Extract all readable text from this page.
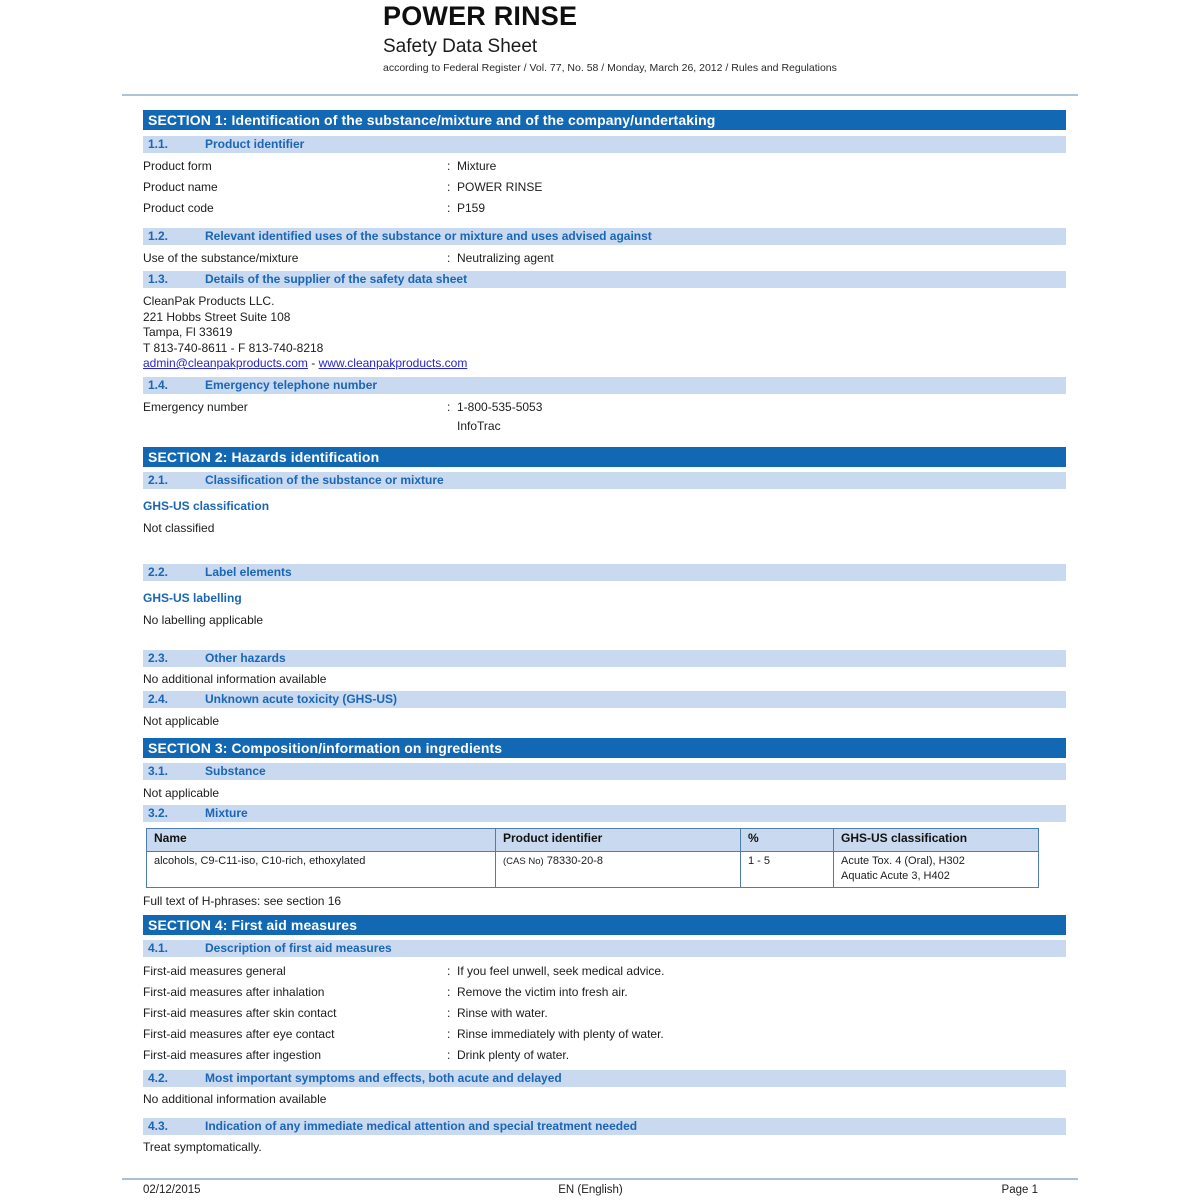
POWER RINSE
Safety Data Sheet
according to Federal Register / Vol. 77, No. 58 / Monday, March 26, 2012 / Rules and Regulations
SECTION 1: Identification of the substance/mixture and of the company/undertaking
1.1.	Product identifier
Product form	: Mixture
Product name	: POWER RINSE
Product code	: P159
1.2.	Relevant identified uses of the substance or mixture and uses advised against
Use of the substance/mixture	: Neutralizing agent
1.3.	Details of the supplier of the safety data sheet
CleanPak Products LLC.
221 Hobbs Street Suite 108
Tampa, Fl 33619
T 813-740-8611 - F 813-740-8218
admin@cleanpakproducts.com - www.cleanpakproducts.com
1.4.	Emergency telephone number
Emergency number	: 1-800-535-5053
InfoTrac
SECTION 2: Hazards identification
2.1.	Classification of the substance or mixture
GHS-US classification
Not classified
2.2.	Label elements
GHS-US labelling
No labelling applicable
2.3.	Other hazards
No additional information available
2.4.	Unknown acute toxicity (GHS-US)
Not applicable
SECTION 3: Composition/information on ingredients
3.1.	Substance
Not applicable
3.2.	Mixture
Name	Product identifier	%	GHS-US classification
alcohols, C9-C11-iso, C10-rich, ethoxylated	(CAS No) 78330-20-8	1 - 5	Acute Tox. 4 (Oral), H302
Aquatic Acute 3, H402
Full text of H-phrases: see section 16
SECTION 4: First aid measures
4.1.	Description of first aid measures
First-aid measures general	: If you feel unwell, seek medical advice.
First-aid measures after inhalation	: Remove the victim into fresh air.
First-aid measures after skin contact	: Rinse with water.
First-aid measures after eye contact	: Rinse immediately with plenty of water.
First-aid measures after ingestion	: Drink plenty of water.
4.2.	Most important symptoms and effects, both acute and delayed
No additional information available
4.3.	Indication of any immediate medical attention and special treatment needed
Treat symptomatically.
02/12/2015	EN (English)	Page 1
